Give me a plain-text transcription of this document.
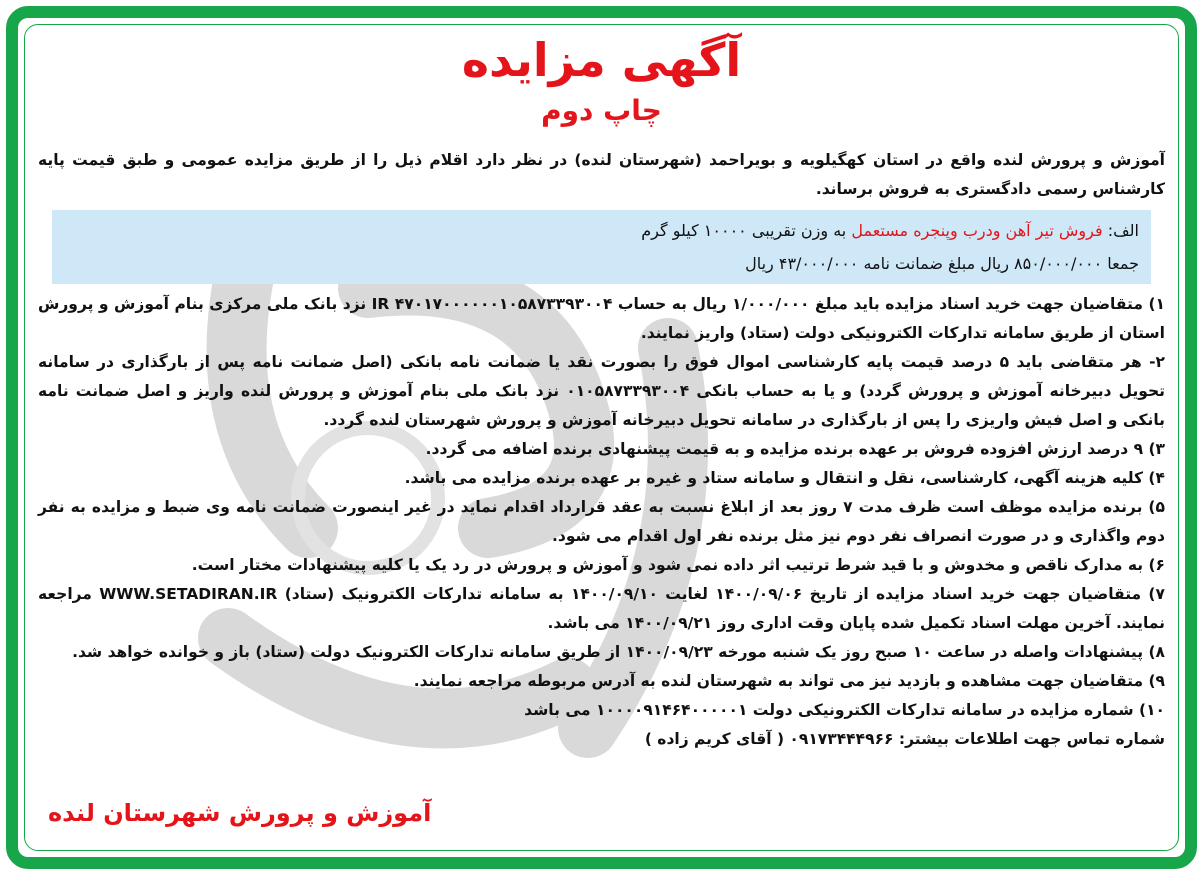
آگهی مزایده
چاپ دوم

آموزش و پرورش لنده واقع در استان کهگیلویه و بویراحمد (شهرستان لنده) در نظر دارد اقلام ذیل را از طریق مزایده عمومی و طبق قیمت پایه کارشناس رسمی دادگستری به فروش برساند.

الف: فروش تیر آهن ودرب وپنجره مستعمل به وزن تقریبی ۱۰۰۰۰ کیلو گرم
جمعا ۸۵۰/۰۰۰/۰۰۰ ریال مبلغ ضمانت نامه ۴۳/۰۰۰/۰۰۰ ریال

۱) متقاضیان جهت خرید اسناد مزایده باید مبلغ ۱/۰۰۰/۰۰۰ ریال به حساب IR ۴۷۰۱۷۰۰۰۰۰۰۱۰۵۸۷۳۳۹۳۰۰۴ نزد بانک ملی مرکزی بنام آموزش و پرورش استان از طریق سامانه تدارکات الکترونیکی دولت (ستاد) واریز نمایند.

۲- هر متقاضی باید ۵ درصد قیمت پایه کارشناسی اموال فوق را بصورت نقد یا ضمانت نامه بانکی (اصل ضمانت نامه پس از بارگذاری در سامانه تحویل دبیرخانه آموزش و پرورش گردد) و یا به حساب بانکی ۰۱۰۵۸۷۳۳۹۳۰۰۴ نزد بانک ملی بنام آموزش و پرورش لنده واریز و اصل ضمانت نامه بانکی و اصل فیش واریزی را پس از بارگذاری در سامانه تحویل دبیرخانه آموزش و پرورش شهرستان لنده گردد.

۳) ۹ درصد ارزش افزوده فروش بر عهده برنده مزایده و به قیمت پیشنهادی برنده اضافه می گردد.

۴) کلیه هزینه آگهی، کارشناسی، نقل و انتقال و سامانه ستاد و غیره بر عهده برنده مزایده می باشد.

۵) برنده مزایده موظف است ظرف مدت ۷ روز بعد از ابلاغ نسبت به عقد قرارداد اقدام نماید در غیر اینصورت ضمانت نامه وی ضبط و مزایده به نفر دوم واگذاری و در صورت انصراف نفر دوم نیز مثل برنده نفر اول اقدام می شود.

۶) به مدارک ناقص و مخدوش و با قید شرط ترتیب اثر داده نمی شود و آموزش و پرورش در رد یک یا کلیه پیشنهادات مختار است.

۷) متقاضیان جهت خرید اسناد مزایده از تاریخ ۱۴۰۰/۰۹/۰۶ لغایت ۱۴۰۰/۰۹/۱۰ به سامانه تدارکات الکترونیک (ستاد) WWW.SETADIRAN.IR مراجعه نمایند. آخرین مهلت اسناد تکمیل شده پایان وقت اداری روز ۱۴۰۰/۰۹/۲۱ می باشد.

۸) پیشنهادات واصله در ساعت ۱۰ صبح روز یک شنبه مورخه ۱۴۰۰/۰۹/۲۳ از طریق سامانه تدارکات الکترونیک دولت (ستاد) باز و خوانده خواهد شد.

۹) متقاضیان جهت مشاهده و بازدید نیز می تواند به شهرستان لنده به آدرس مربوطه مراجعه نمایند.

۱۰) شماره مزایده در سامانه تدارکات الکترونیکی دولت ۱۰۰۰۰۹۱۴۶۴۰۰۰۰۰۱ می باشد

شماره تماس جهت اطلاعات بیشتر: ۰۹۱۷۳۴۴۴۹۶۶ ( آقای کریم زاده )

آموزش و پرورش شهرستان لنده
